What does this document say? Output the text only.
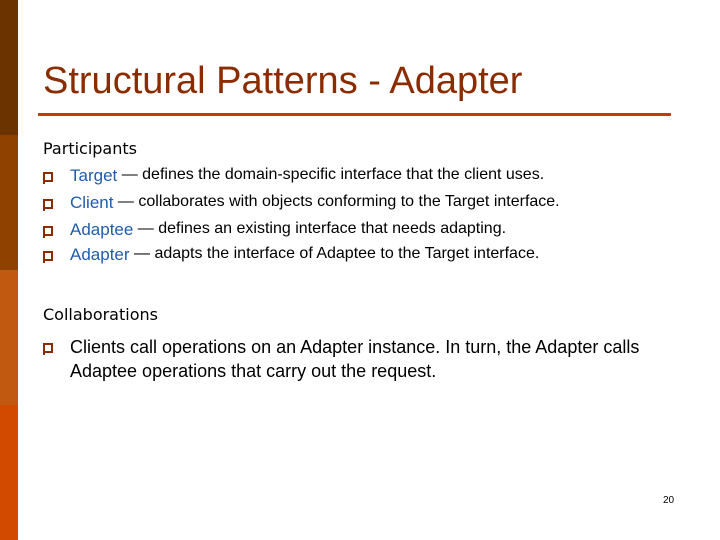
Structural Patterns - Adapter
Participants
Target — defines the domain-specific interface that the client uses.
Client — collaborates with objects conforming to the Target interface.
Adaptee — defines an existing interface that needs adapting.
Adapter — adapts the interface of Adaptee to the Target interface.
Collaborations
Clients call operations on an Adapter instance. In turn, the Adapter calls Adaptee operations that carry out the request.
20
